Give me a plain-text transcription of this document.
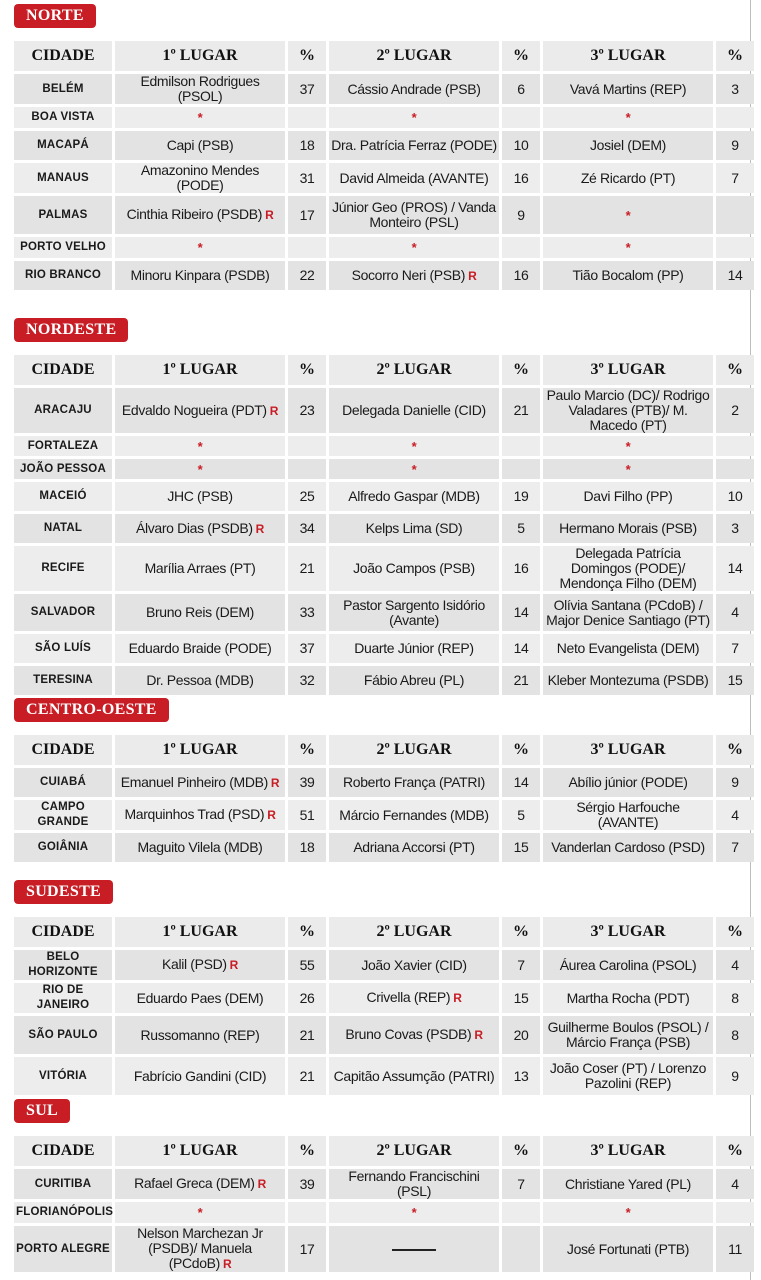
NORTE
CIDADE	1º LUGAR	%	2º LUGAR	%	3º LUGAR	%
BELÉM	Edmilson Rodrigues (PSOL)	37	Cássio Andrade (PSB)	6	Vavá Martins (REP)	3
BOA VISTA	*		*		*	
MACAPÁ	Capi (PSB)	18	Dra. Patrícia Ferraz (PODE)	10	Josiel (DEM)	9
MANAUS	Amazonino Mendes (PODE)	31	David Almeida (AVANTE)	16	Zé Ricardo (PT)	7
PALMAS	Cinthia Ribeiro (PSDB) R	17	Júnior Geo (PROS) / Vanda Monteiro (PSL)	9	*	
PORTO VELHO	*		*		*	
RIO BRANCO	Minoru Kinpara (PSDB)	22	Socorro Neri (PSB) R	16	Tião Bocalom (PP)	14
NORDESTE
CIDADE	1º LUGAR	%	2º LUGAR	%	3º LUGAR	%
ARACAJU	Edvaldo Nogueira (PDT) R	23	Delegada Danielle (CID)	21	Paulo Marcio (DC)/ Rodrigo Valadares (PTB)/ M. Macedo (PT)	2
FORTALEZA	*		*		*	
JOÃO PESSOA	*		*		*	
MACEIÓ	JHC (PSB)	25	Alfredo Gaspar (MDB)	19	Davi Filho (PP)	10
NATAL	Álvaro Dias (PSDB) R	34	Kelps Lima (SD)	5	Hermano Morais (PSB)	3
RECIFE	Marília Arraes (PT)	21	João Campos (PSB)	16	Delegada Patrícia Domingos (PODE)/ Mendonça Filho (DEM)	14
SALVADOR	Bruno Reis (DEM)	33	Pastor Sargento Isidório (Avante)	14	Olívia Santana (PCdoB) / Major Denice Santiago (PT)	4
SÃO LUÍS	Eduardo Braide (PODE)	37	Duarte Júnior (REP)	14	Neto Evangelista (DEM)	7
TERESINA	Dr. Pessoa (MDB)	32	Fábio Abreu (PL)	21	Kleber Montezuma (PSDB)	15
CENTRO-OESTE
CIDADE	1º LUGAR	%	2º LUGAR	%	3º LUGAR	%
CUIABÁ	Emanuel Pinheiro (MDB) R	39	Roberto França (PATRI)	14	Abílio júnior (PODE)	9
CAMPO GRANDE	Marquinhos Trad (PSD) R	51	Márcio Fernandes (MDB)	5	Sérgio Harfouche (AVANTE)	4
GOIÂNIA	Maguito Vilela (MDB)	18	Adriana Accorsi (PT)	15	Vanderlan Cardoso (PSD)	7
SUDESTE
CIDADE	1º LUGAR	%	2º LUGAR	%	3º LUGAR	%
BELO HORIZONTE	Kalil (PSD) R	55	João Xavier (CID)	7	Áurea Carolina (PSOL)	4
RIO DE JANEIRO	Eduardo Paes (DEM)	26	Crivella (REP) R	15	Martha Rocha (PDT)	8
SÃO PAULO	Russomanno (REP)	21	Bruno Covas (PSDB) R	20	Guilherme Boulos (PSOL) / Márcio França (PSB)	8
VITÓRIA	Fabrício Gandini (CID)	21	Capitão Assumção (PATRI)	13	João Coser (PT) / Lorenzo Pazolini (REP)	9
SUL
CIDADE	1º LUGAR	%	2º LUGAR	%	3º LUGAR	%
CURITIBA	Rafael Greca (DEM) R	39	Fernando Francischini (PSL)	7	Christiane Yared (PL)	4
FLORIANÓPOLIS	*		*		*	
PORTO ALEGRE	Nelson Marchezan Jr (PSDB)/ Manuela (PCdoB) R	17			José Fortunati (PTB)	11
